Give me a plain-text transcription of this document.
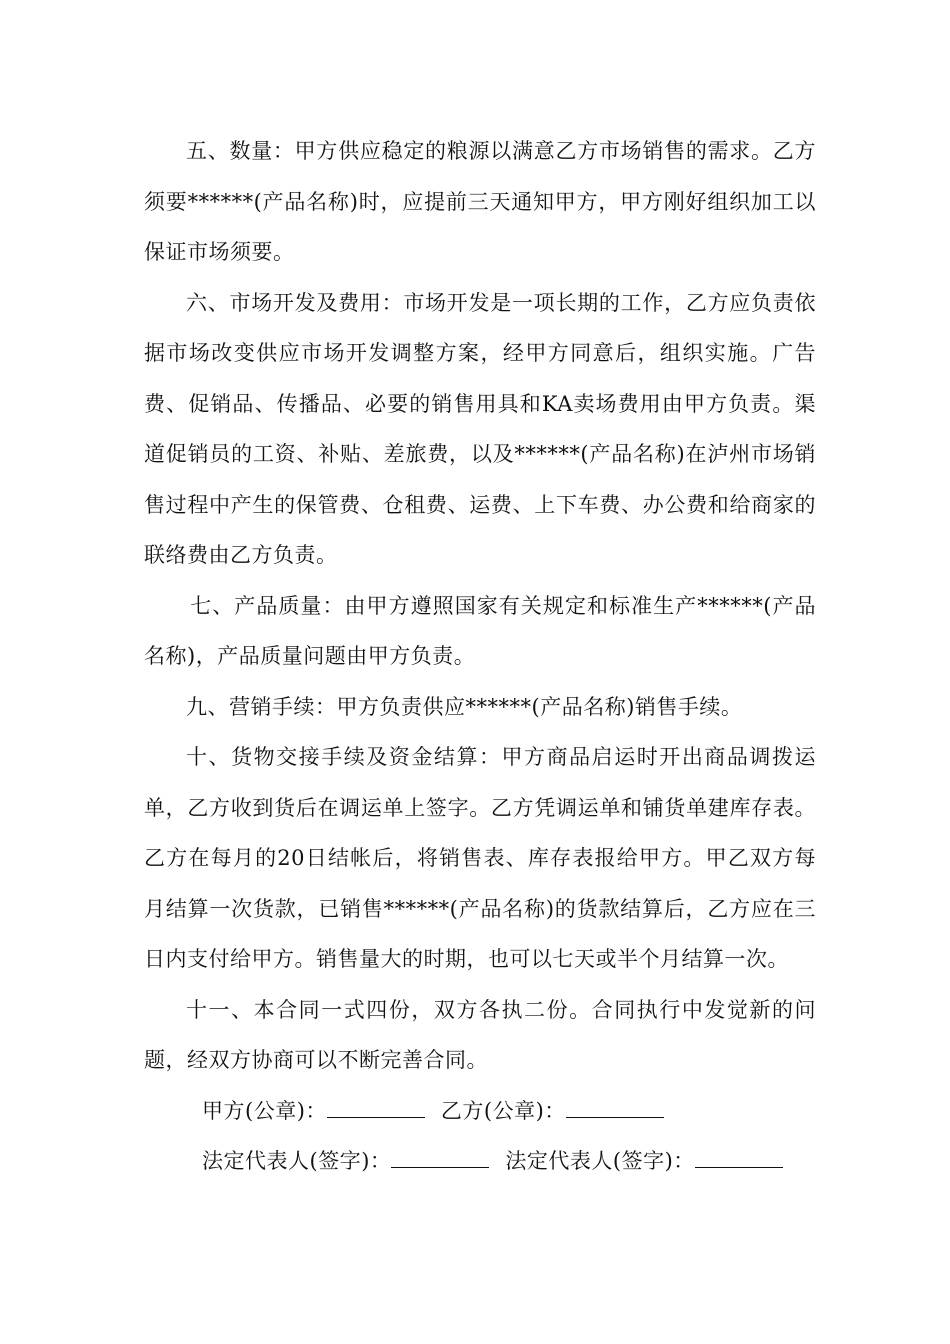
五、数量：甲方供应稳定的粮源以满意乙方市场销售的需求。乙方须要******(产品名称)时，应提前三天通知甲方，甲方刚好组织加工以保证市场须要。

六、市场开发及费用：市场开发是一项长期的工作，乙方应负责依据市场改变供应市场开发调整方案，经甲方同意后，组织实施。广告费、促销品、传播品、必要的销售用具和KA卖场费用由甲方负责。渠道促销员的工资、补贴、差旅费，以及******(产品名称)在泸州市场销售过程中产生的保管费、仓租费、运费、上下车费、办公费和给商家的联络费由乙方负责。

七、产品质量：由甲方遵照国家有关规定和标准生产******(产品名称)，产品质量问题由甲方负责。

九、营销手续：甲方负责供应******(产品名称)销售手续。

十、货物交接手续及资金结算：甲方商品启运时开出商品调拨运单，乙方收到货后在调运单上签字。乙方凭调运单和铺货单建库存表。乙方在每月的20日结帐后，将销售表、库存表报给甲方。甲乙双方每月结算一次货款，已销售******(产品名称)的货款结算后，乙方应在三日内支付给甲方。销售量大的时期，也可以七天或半个月结算一次。

十一、本合同一式四份，双方各执二份。合同执行中发觉新的问题，经双方协商可以不断完善合同。

甲方(公章)：	乙方(公章)：
法定代表人(签字)：	法定代表人(签字)：
